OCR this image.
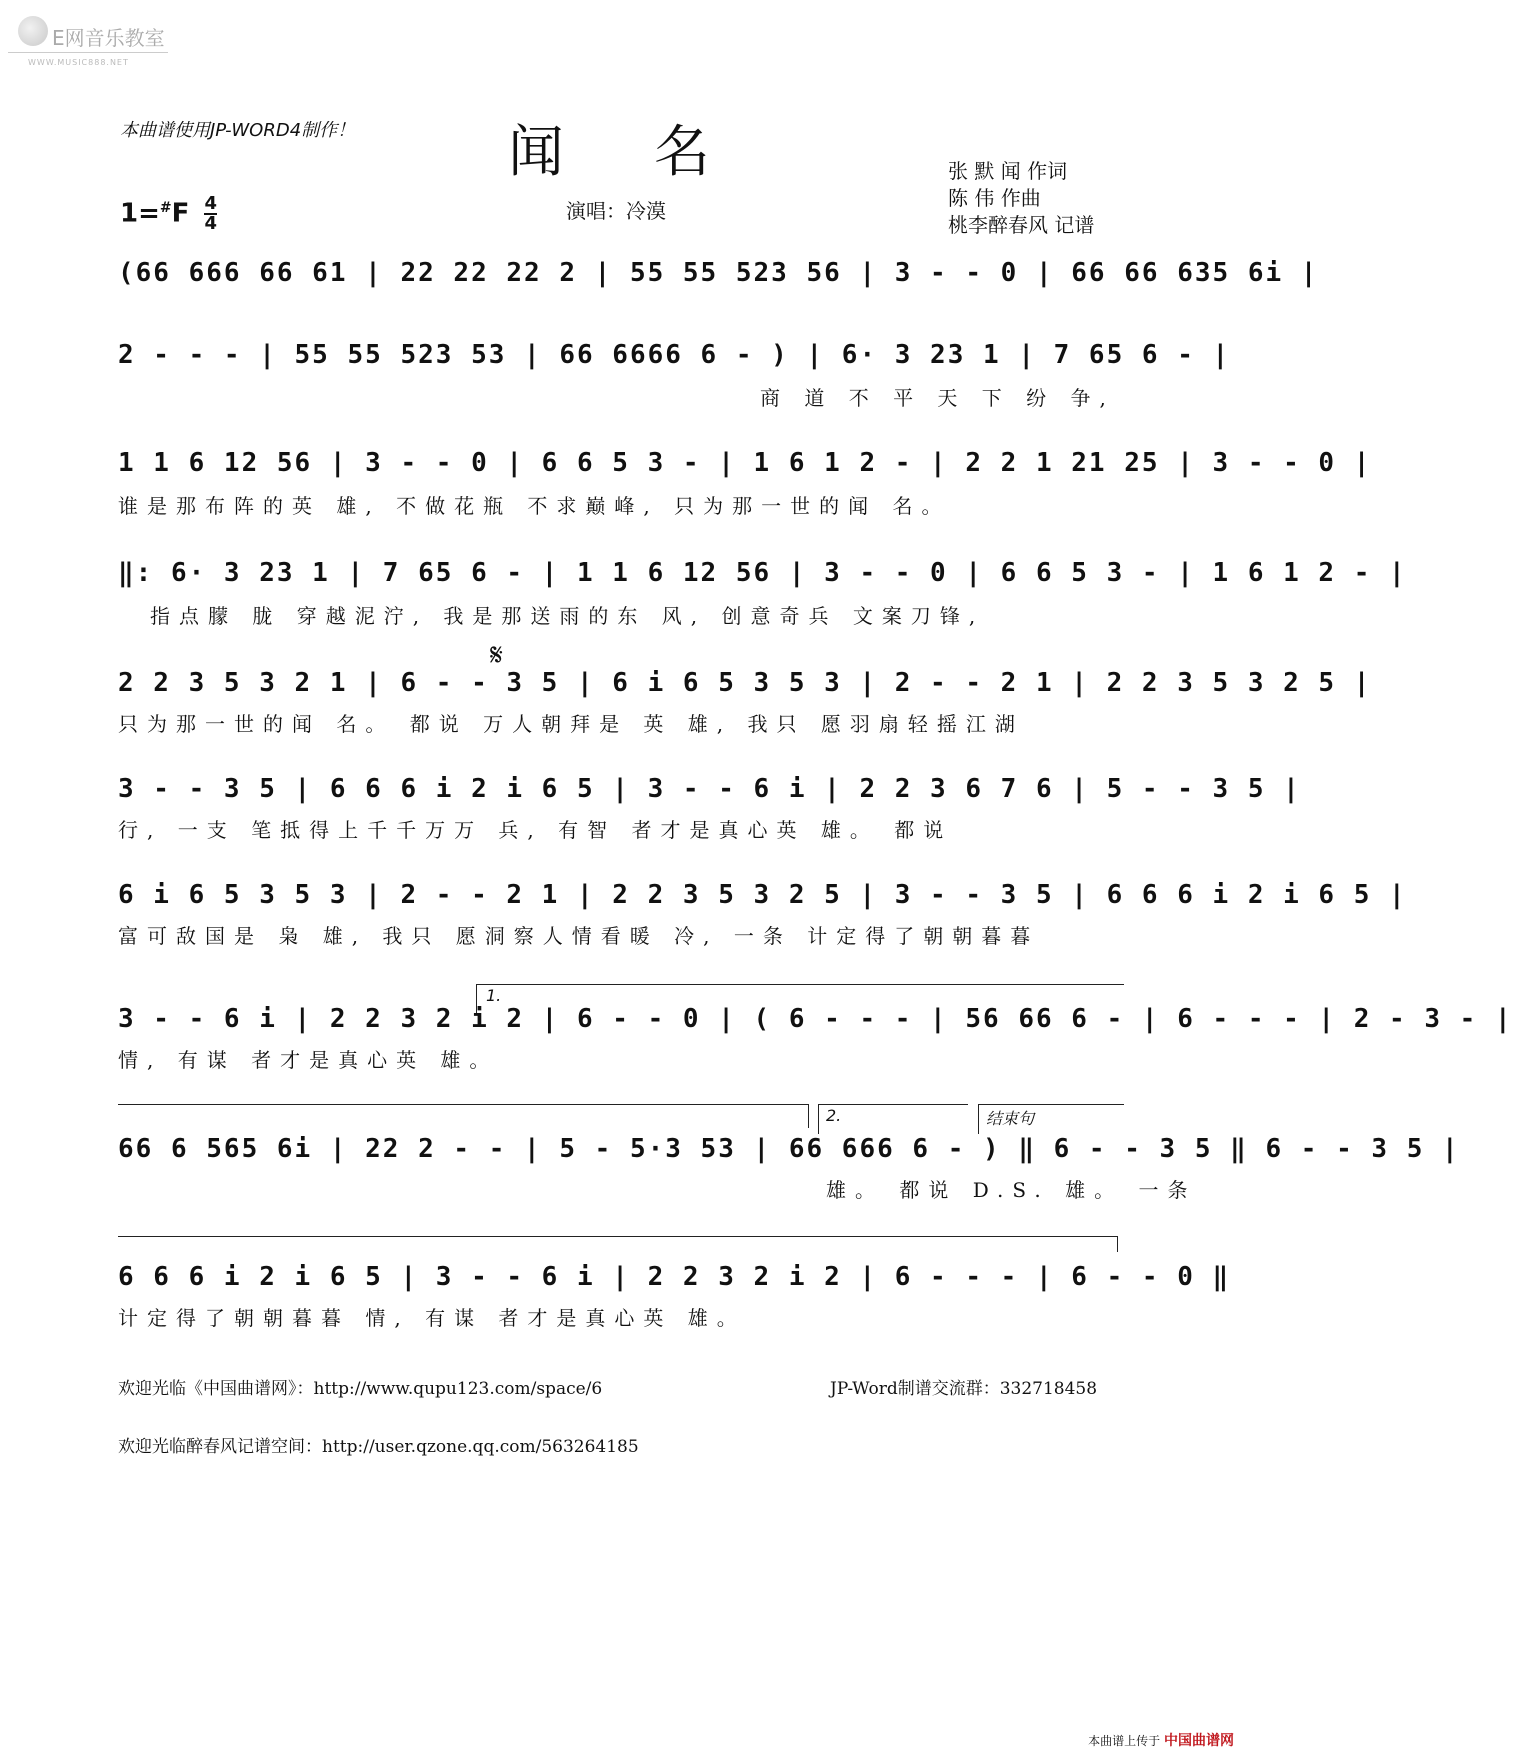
E网音乐教室
WWW.MUSIC888.NET
本曲谱使用JP-WORD4制作！	闻名	张 默 闻 作词
陈 伟 作曲
桃李醉春风 记谱
$1=^{\#}F \frac{4}{4}$	演唱：冷漠
(66 666 66 61 | 22 22 22 2 | 55 55 523 56 | 3 - - 0 | 66 66 635 6i |
2 - - - | 55 55 523 53 | 66 6666 6 - ) | 6· 3 23 1 | 7 65 6 - |
商 道 不 平 天 下 纷 争,
1 1 6 12 56 | 3 - - 0 | 6 6 5 3 - | 1 6 1 2 - | 2 2 1 21 25 | 3 - - 0 |
谁是那布阵的英 雄, 不做花瓶 不求巅峰, 只为那一世的闻 名。
‖: 6· 3 23 1 | 7 65 6 - | 1 1 6 12 56 | 3 - - 0 | 6 6 5 3 - | 1 6 1 2 - |
指点朦 胧 穿越泥泞, 我是那送雨的东 风, 创意奇兵 文案刀锋,
𝄋
2 2 3 5 3 2 1 | 6 - - 3 5 | 6 i 6 5 3 5 3 | 2 - - 2 1 | 2 2 3 5 3 2 5 |
只为那一世的闻 名。 都说 万人朝拜是 英 雄, 我只 愿羽扇轻摇江湖
3 - - 3 5 | 6 6 6 i 2 i 6 5 | 3 - - 6 i | 2 2 3 6 7 6 | 5 - - 3 5 |
行, 一支 笔抵得上千千万万 兵, 有智 者才是真心英 雄。 都说
6 i 6 5 3 5 3 | 2 - - 2 1 | 2 2 3 5 3 2 5 | 3 - - 3 5 | 6 6 6 i 2 i 6 5 |
富可敌国是 枭 雄, 我只 愿洞察人情看暖 冷, 一条 计定得了朝朝暮暮
1.
3 - - 6 i | 2 2 3 2 i 2 | 6 - - 0 | ( 6 - - - | 56 66 6 - | 6 - - - | 2 - 3 - |
情, 有谋 者才是真心英 雄。
2.	结束句
66 6 565 6i | 22 2 - - | 5 - 5·3 53 | 66 666 6 - ) ‖ 6 - - 3 5 ‖ 6 - - 3 5 |
雄。 都说 D.S. 雄。 一条
6 6 6 i 2 i 6 5 | 3 - - 6 i | 2 2 3 2 i 2 | 6 - - - | 6 - - 0 ‖
计定得了朝朝暮暮 情, 有谋 者才是真心英 雄。
欢迎光临《中国曲谱网》：http://www.qupu123.com/space/6	JP-Word制谱交流群：332718458
欢迎光临醉春风记谱空间：http://user.qzone.qq.com/563264185
本曲谱上传于 中国曲谱网
